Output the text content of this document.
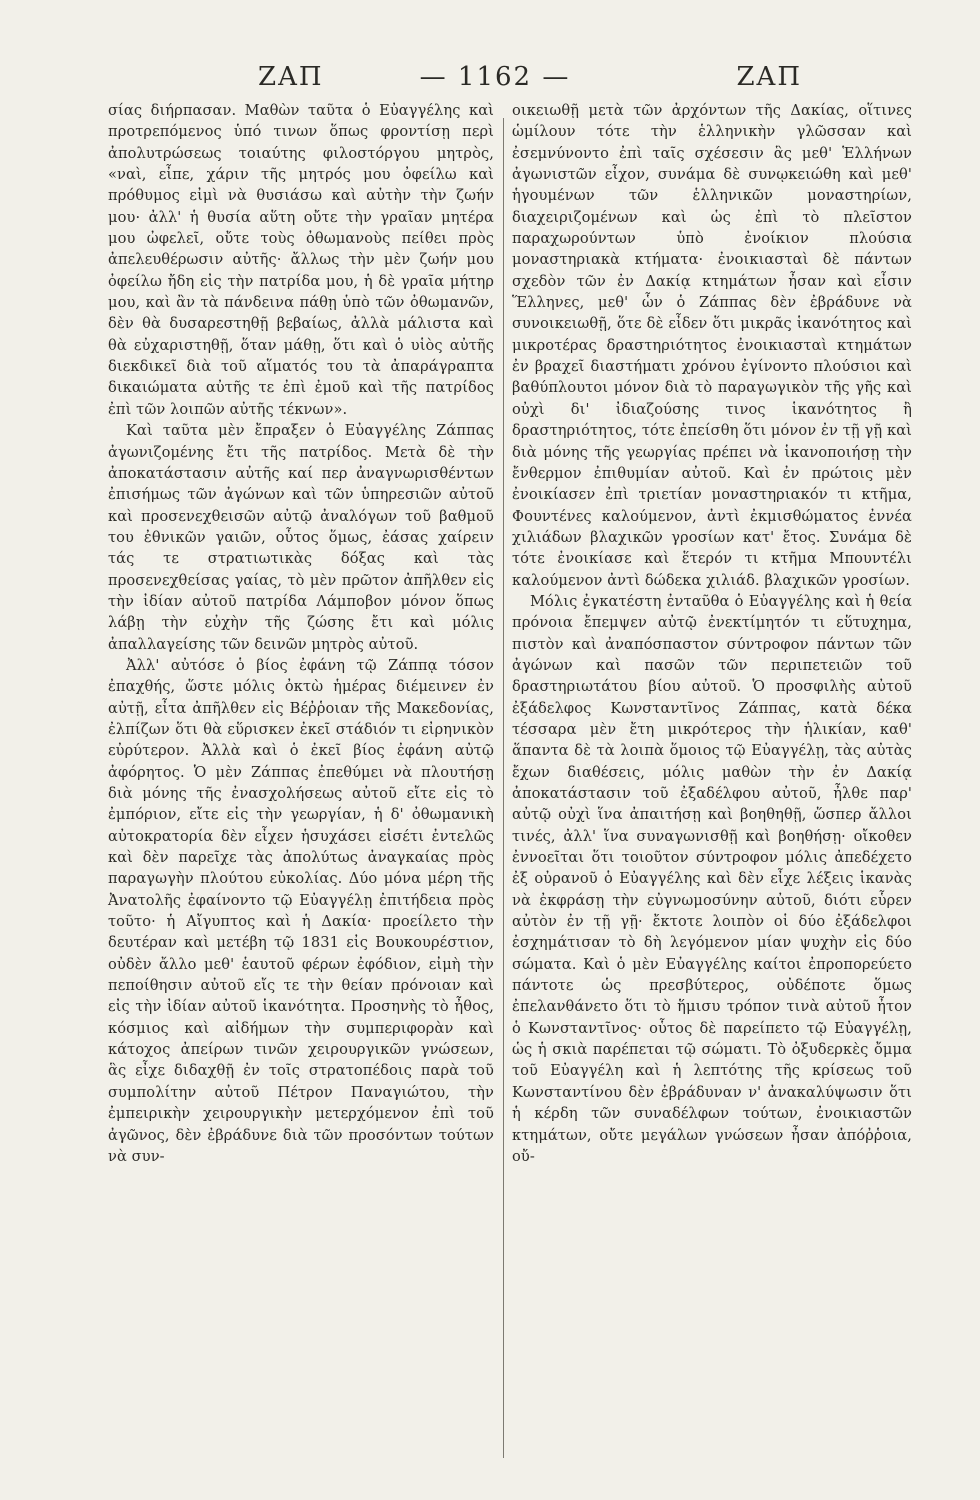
ΖΑΠ	— 1162 —	ΖΑΠ

σίας διήρπασαν. Μαθὼν ταῦτα ὁ Εὐαγγέλης καὶ προτρεπόμενος ὑπό τινων ὅπως φροντίσῃ περὶ ἀπολυτρώσεως τοιαύτης φιλοστόργου μητρὸς, «ναὶ, εἶπε, χάριν τῆς μητρός μου ὀφείλω καὶ πρόθυμος εἰμὶ νὰ θυσιάσω καὶ αὐτὴν τὴν ζωήν μου· ἀλλ' ἡ θυσία αὕτη οὔτε τὴν γραῖαν μητέρα μου ὠφελεῖ, οὔτε τοὺς ὀθωμανοὺς πείθει πρὸς ἀπελευθέρωσιν αὐτῆς· ἄλλως τὴν μὲν ζωήν μου ὀφείλω ἤδη εἰς τὴν πατρίδα μου, ἡ δὲ γραῖα μήτηρ μου, καὶ ἂν τὰ πάνδεινα πάθῃ ὑπὸ τῶν ὀθωμανῶν, δὲν θὰ δυσαρεστηθῇ βεβαίως, ἀλλὰ μάλιστα καὶ θὰ εὐχαριστηθῇ, ὅταν μάθῃ, ὅτι καὶ ὁ υἱὸς αὐτῆς διεκδικεῖ διὰ τοῦ αἵματός του τὰ ἀπαράγραπτα δικαιώματα αὐτῆς τε ἐπὶ ἐμοῦ καὶ τῆς πατρίδος ἐπὶ τῶν λοιπῶν αὐτῆς τέκνων».

Καὶ ταῦτα μὲν ἔπραξεν ὁ Εὐαγγέλης Ζάππας ἀγωνιζομένης ἔτι τῆς πατρίδος. Μετὰ δὲ τὴν ἀποκατάστασιν αὐτῆς καί περ ἀναγνωρισθέντων ἐπισήμως τῶν ἀγώνων καὶ τῶν ὑπηρεσιῶν αὐτοῦ καὶ προσενεχθεισῶν αὐτῷ ἀναλόγων τοῦ βαθμοῦ του ἐθνικῶν γαιῶν, οὗτος ὅμως, ἐάσας χαίρειν τάς τε στρατιωτικὰς δόξας καὶ τὰς προσενεχθείσας γαίας, τὸ μὲν πρῶτον ἀπῆλθεν εἰς τὴν ἰδίαν αὐτοῦ πατρίδα Λάμποβον μόνον ὅπως λάβῃ τὴν εὐχὴν τῆς ζώσης ἔτι καὶ μόλις ἀπαλλαγείσης τῶν δεινῶν μητρὸς αὐτοῦ.

Ἀλλ' αὐτόσε ὁ βίος ἐφάνη τῷ Ζάππᾳ τόσον ἐπαχθής, ὥστε μόλις ὀκτὼ ἡμέρας διέμεινεν ἐν αὐτῇ, εἶτα ἀπῆλθεν εἰς Βέῤῥοιαν τῆς Μακεδονίας, ἐλπίζων ὅτι θὰ εὕρισκεν ἐκεῖ στάδιόν τι εἰρηνικὸν εὐρύτερον. Ἀλλὰ καὶ ὁ ἐκεῖ βίος ἐφάνη αὐτῷ ἀφόρητος. Ὁ μὲν Ζάππας ἐπεθύμει νὰ πλουτήσῃ διὰ μόνης τῆς ἐνασχολήσεως αὐτοῦ εἴτε εἰς τὸ ἐμπόριον, εἴτε εἰς τὴν γεωργίαν, ἡ δ' ὀθωμανικὴ αὐτοκρατορία δὲν εἶχεν ἡσυχάσει εἰσέτι ἐντελῶς καὶ δὲν παρεῖχε τὰς ἀπολύτως ἀναγκαίας πρὸς παραγωγὴν πλούτου εὐκολίας. Δύο μόνα μέρη τῆς Ἀνατολῆς ἐφαίνοντο τῷ Εὐαγγέλῃ ἐπιτήδεια πρὸς τοῦτο· ἡ Αἴγυπτος καὶ ἡ Δακία· προείλετο τὴν δευτέραν καὶ μετέβη τῷ 1831 εἰς Βουκουρέστιον, οὐδὲν ἄλλο μεθ' ἑαυτοῦ φέρων ἐφόδιον, εἰμὴ τὴν πεποίθησιν αὐτοῦ εἴς τε τὴν θείαν πρόνοιαν καὶ εἰς τὴν ἰδίαν αὐτοῦ ἱκανότητα. Προσηνὴς τὸ ἦθος, κόσμιος καὶ αἰδήμων τὴν συμπεριφορὰν καὶ κάτοχος ἀπείρων τινῶν χειρουργικῶν γνώσεων, ἃς εἶχε διδαχθῇ ἐν τοῖς στρατοπέδοις παρὰ τοῦ συμπολίτην αὐτοῦ Πέτρον Παναγιώτου, τὴν ἐμπειρικὴν χειρουργικὴν μετερχόμενον ἐπὶ τοῦ ἀγῶνος, δὲν ἐβράδυνε διὰ τῶν προσόντων τούτων νὰ συν-

οικειωθῇ μετὰ τῶν ἀρχόντων τῆς Δακίας, οἵτινες ὡμίλουν τότε τὴν ἑλληνικὴν γλῶσσαν καὶ ἐσεμνύνοντο ἐπὶ ταῖς σχέσεσιν ἃς μεθ' Ἑλλήνων ἀγωνιστῶν εἶχον, συνάμα δὲ συνῳκειώθη καὶ μεθ' ἡγουμένων τῶν ἑλληνικῶν μοναστηρίων, διαχειριζομένων καὶ ὡς ἐπὶ τὸ πλεῖστον παραχωρούντων ὑπὸ ἐνοίκιον πλούσια μοναστηριακὰ κτήματα· ἐνοικιασταὶ δὲ πάντων σχεδὸν τῶν ἐν Δακίᾳ κτημάτων ἦσαν καὶ εἶσιν Ἕλληνες, μεθ' ὧν ὁ Ζάππας δὲν ἐβράδυνε νὰ συνοικειωθῇ, ὅτε δὲ εἶδεν ὅτι μικρᾶς ἱκανότητος καὶ μικροτέρας δραστηριότητος ἐνοικιασταὶ κτημάτων ἐν βραχεῖ διαστήματι χρόνου ἐγίνοντο πλούσιοι καὶ βαθύπλουτοι μόνον διὰ τὸ παραγωγικὸν τῆς γῆς καὶ οὐχὶ δι' ἰδιαζούσης τινος ἱκανότητος ἢ δραστηριότητος, τότε ἐπείσθη ὅτι μόνον ἐν τῇ γῇ καὶ διὰ μόνης τῆς γεωργίας πρέπει νὰ ἱκανοποιήσῃ τὴν ἔνθερμον ἐπιθυμίαν αὐτοῦ. Καὶ ἐν πρώτοις μὲν ἐνοικίασεν ἐπὶ τριετίαν μοναστηριακόν τι κτῆμα, Φουντένες καλούμενον, ἀντὶ ἐκμισθώματος ἐννέα χιλιάδων βλαχικῶν γροσίων κατ' ἔτος. Συνάμα δὲ τότε ἐνοικίασε καὶ ἕτερόν τι κτῆμα Μπουντέλι καλούμενον ἀντὶ δώδεκα χιλιάδ. βλαχικῶν γροσίων.

Μόλις ἐγκατέστη ἐνταῦθα ὁ Εὐαγγέλης καὶ ἡ θεία πρόνοια ἔπεμψεν αὐτῷ ἐνεκτίμητόν τι εὕτυχημα, πιστὸν καὶ ἀναπόσπαστον σύντροφον πάντων τῶν ἀγώνων καὶ πασῶν τῶν περιπετειῶν τοῦ δραστηριωτάτου βίου αὐτοῦ. Ὁ προσφιλὴς αὐτοῦ ἐξάδελφος Κωνσταντῖνος Ζάππας, κατὰ δέκα τέσσαρα μὲν ἔτη μικρότερος τὴν ἡλικίαν, καθ' ἅπαντα δὲ τὰ λοιπὰ ὅμοιος τῷ Εὐαγγέλῃ, τὰς αὐτὰς ἔχων διαθέσεις, μόλις μαθὼν τὴν ἐν Δακίᾳ ἀποκατάστασιν τοῦ ἐξαδέλφου αὐτοῦ, ἦλθε παρ' αὐτῷ οὐχὶ ἵνα ἀπαιτήσῃ καὶ βοηθηθῇ, ὥσπερ ἄλλοι τινές, ἀλλ' ἵνα συναγωνισθῇ καὶ βοηθήσῃ· οἴκοθεν ἐννοεῖται ὅτι τοιοῦτον σύντροφον μόλις ἀπεδέχετο ἐξ οὐρανοῦ ὁ Εὐαγγέλης καὶ δὲν εἶχε λέξεις ἱκανὰς νὰ ἐκφράσῃ τὴν εὐγνωμοσύνην αὐτοῦ, διότι εὗρεν αὐτὸν ἐν τῇ γῇ· ἔκτοτε λοιπὸν οἱ δύο ἐξάδελφοι ἐσχημάτισαν τὸ δὴ λεγόμενον μίαν ψυχὴν εἰς δύο σώματα. Καὶ ὁ μὲν Εὐαγγέλης καίτοι ἐπροπορεύετο πάντοτε ὡς πρεσβύτερος, οὐδέποτε ὅμως ἐπελανθάνετο ὅτι τὸ ἥμισυ τρόπον τινὰ αὐτοῦ ἦτον ὁ Κωνσταντῖνος· οὗτος δὲ παρείπετο τῷ Εὐαγγέλῃ, ὡς ἡ σκιὰ παρέπεται τῷ σώματι. Τὸ ὀξυδερκὲς ὄμμα τοῦ Εὐαγγέλη καὶ ἡ λεπτότης τῆς κρίσεως τοῦ Κωνσταντίνου δὲν ἐβράδυναν ν' ἀνακαλύψωσιν ὅτι ἡ κέρδη τῶν συναδέλφων τούτων, ἐνοικιαστῶν κτημάτων, οὔτε μεγάλων γνώσεων ἦσαν ἀπόῤῥοια, οὔ-
